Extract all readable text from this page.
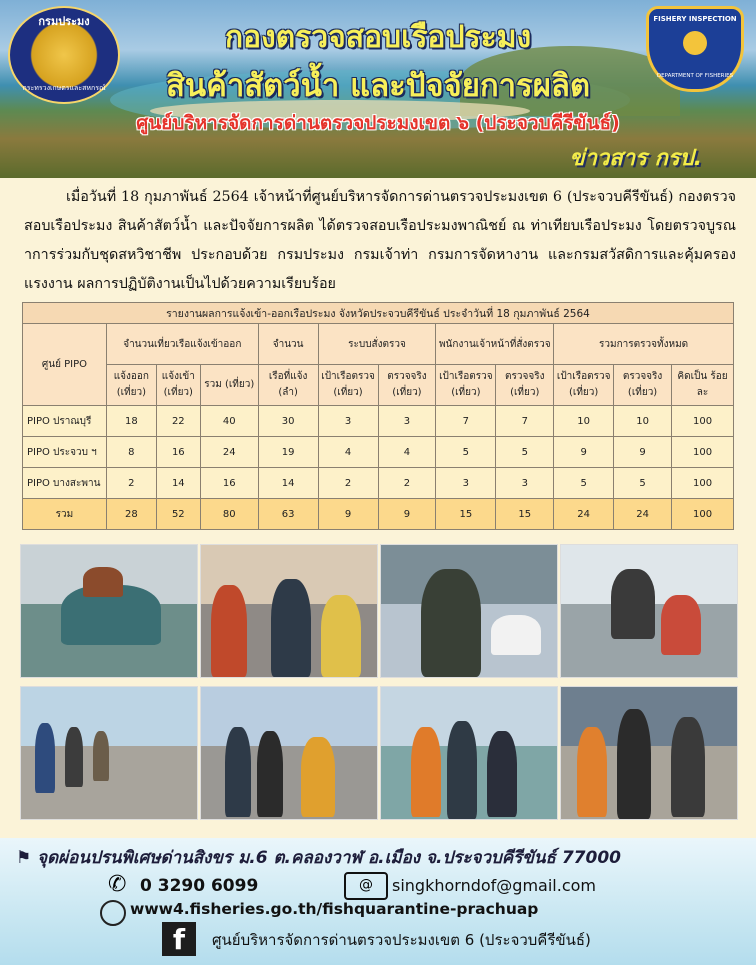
กรมประมง
กระทรวงเกษตรและสหกรณ์
FISHERY INSPECTION
DEPARTMENT OF FISHERIES
กองตรวจสอบเรือประมง
สินค้าสัตว์น้ำ และปัจจัยการผลิต
ศูนย์บริหารจัดการด่านตรวจประมงเขต ๖ (ประจวบคีรีขันธ์)
ข่าวสาร กรป.
เมื่อวันที่ 18 กุมภาพันธ์ 2564 เจ้าหน้าที่ศูนย์บริหารจัดการด่านตรวจประมงเขต 6 (ประจวบคีรีขันธ์) กองตรวจสอบเรือประมง สินค้าสัตว์น้ำ และปัจจัยการผลิต ได้ตรวจสอบเรือประมงพาณิชย์ ณ ท่าเทียบเรือประมง โดยตรวจบูรณาการร่วมกับชุดสหวิชาชีพ ประกอบด้วย กรมประมง กรมเจ้าท่า กรมการจัดหางาน และกรมสวัสดิการและคุ้มครองแรงงาน ผลการปฏิบัติงานเป็นไปด้วยความเรียบร้อย
รายงานผลการแจ้งเข้า-ออกเรือประมง จังหวัดประจวบคีรีขันธ์ ประจำวันที่ 18 กุมภาพันธ์ 2564											
ศูนย์ PIPO	จำนวนเที่ยวเรือแจ้งเข้าออก			จำนวน	ระบบสั่งตรวจ		พนักงานเจ้าหน้าที่สั่งตรวจ		รวมการตรวจทั้งหมด		
	แจ้งออก (เที่ยว)	แจ้งเข้า (เที่ยว)	รวม (เที่ยว)	เรือที่แจ้ง (ลำ)	เป้าเรือตรวจ (เที่ยว)	ตรวจจริง (เที่ยว)	เป้าเรือตรวจ (เที่ยว)	ตรวจจริง (เที่ยว)	เป้าเรือตรวจ (เที่ยว)	ตรวจจริง (เที่ยว)	คิดเป็น ร้อยละ
PIPO ปราณบุรี	18	22	40	30	3	3	7	7	10	10	100
PIPO ประจวบ ฯ	8	16	24	19	4	4	5	5	9	9	100
PIPO บางสะพาน	2	14	16	14	2	2	3	3	5	5	100
รวม	28	52	80	63	9	9	15	15	24	24	100
⚑ จุดผ่อนปรนพิเศษด่านสิงขร ม.6 ต.คลองวาฬ อ.เมือง จ.ประจวบคีรีขันธ์ 77000
✆ 0 3290 6099	@	singkhorndof@gmail.com
www4.fisheries.go.th/fishquarantine-prachuap
f	ศูนย์บริหารจัดการด่านตรวจประมงเขต 6 (ประจวบคีรีขันธ์)
